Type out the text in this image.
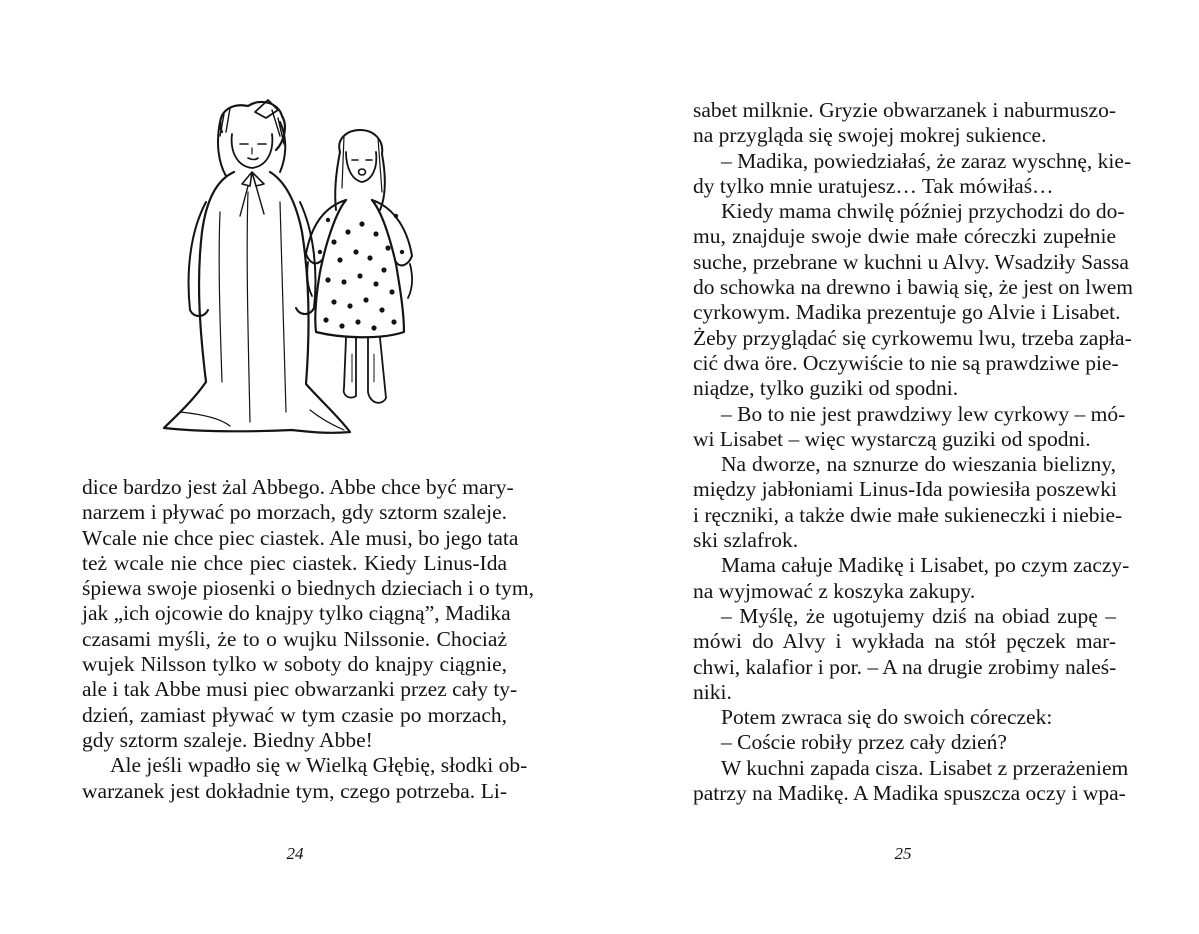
dice bardzo jest żal Abbego. Abbe chce być mary-
narzem i pływać po morzach, gdy sztorm szaleje.
Wcale nie chce piec ciastek. Ale musi, bo jego tata
też wcale nie chce piec ciastek. Kiedy Linus-Ida
śpiewa swoje piosenki o biednych dzieciach i o tym,
jak „ich ojcowie do knajpy tylko ciągną”, Madika
czasami myśli, że to o wujku Nilssonie. Chociaż
wujek Nilsson tylko w soboty do knajpy ciągnie,
ale i tak Abbe musi piec obwarzanki przez cały ty-
dzień, zamiast pływać w tym czasie po morzach,
gdy sztorm szaleje. Biedny Abbe!
Ale jeśli wpadło się w Wielką Głębię, słodki ob-
warzanek jest dokładnie tym, czego potrzeba. Li-
24
sabet milknie. Gryzie obwarzanek i naburmuszo-
na przygląda się swojej mokrej sukience.
– Madika, powiedziałaś, że zaraz wyschnę, kie-
dy tylko mnie uratujesz… Tak mówiłaś…
Kiedy mama chwilę później przychodzi do do-
mu, znajduje swoje dwie małe córeczki zupełnie
suche, przebrane w kuchni u Alvy. Wsadziły Sassa
do schowka na drewno i bawią się, że jest on lwem
cyrkowym. Madika prezentuje go Alvie i Lisabet.
Żeby przyglądać się cyrkowemu lwu, trzeba zapła-
cić dwa öre. Oczywiście to nie są prawdziwe pie-
niądze, tylko guziki od spodni.
– Bo to nie jest prawdziwy lew cyrkowy – mó-
wi Lisabet – więc wystarczą guziki od spodni.
Na dworze, na sznurze do wieszania bielizny,
między jabłoniami Linus-Ida powiesiła poszewki
i ręczniki, a także dwie małe sukieneczki i niebie-
ski szlafrok.
Mama całuje Madikę i Lisabet, po czym zaczy-
na wyjmować z koszyka zakupy.
– Myślę, że ugotujemy dziś na obiad zupę –
mówi do Alvy i wykłada na stół pęczek mar-
chwi, kalafior i por. – A na drugie zrobimy naleś-
niki.
Potem zwraca się do swoich córeczek:
– Coście robiły przez cały dzień?
W kuchni zapada cisza. Lisabet z przerażeniem
patrzy na Madikę. A Madika spuszcza oczy i wpa-
25
